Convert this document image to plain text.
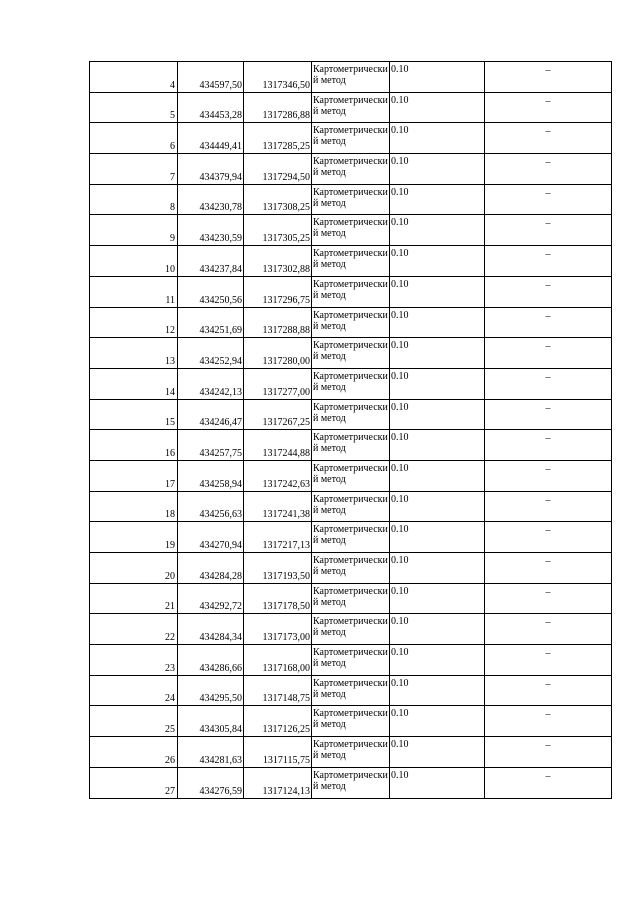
4	434597,50	1317346,50	Картометрический метод	0.10	–
5	434453,28	1317286,88	Картометрический метод	0.10	–
6	434449,41	1317285,25	Картометрический метод	0.10	–
7	434379,94	1317294,50	Картометрический метод	0.10	–
8	434230,78	1317308,25	Картометрический метод	0.10	–
9	434230,59	1317305,25	Картометрический метод	0.10	–
10	434237,84	1317302,88	Картометрический метод	0.10	–
11	434250,56	1317296,75	Картометрический метод	0.10	–
12	434251,69	1317288,88	Картометрический метод	0.10	–
13	434252,94	1317280,00	Картометрический метод	0.10	–
14	434242,13	1317277,00	Картометрический метод	0.10	–
15	434246,47	1317267,25	Картометрический метод	0.10	–
16	434257,75	1317244,88	Картометрический метод	0.10	–
17	434258,94	1317242,63	Картометрический метод	0.10	–
18	434256,63	1317241,38	Картометрический метод	0.10	–
19	434270,94	1317217,13	Картометрический метод	0.10	–
20	434284,28	1317193,50	Картометрический метод	0.10	–
21	434292,72	1317178,50	Картометрический метод	0.10	–
22	434284,34	1317173,00	Картометрический метод	0.10	–
23	434286,66	1317168,00	Картометрический метод	0.10	–
24	434295,50	1317148,75	Картометрический метод	0.10	–
25	434305,84	1317126,25	Картометрический метод	0.10	–
26	434281,63	1317115,75	Картометрический метод	0.10	–
27	434276,59	1317124,13	Картометрический метод	0.10	–
